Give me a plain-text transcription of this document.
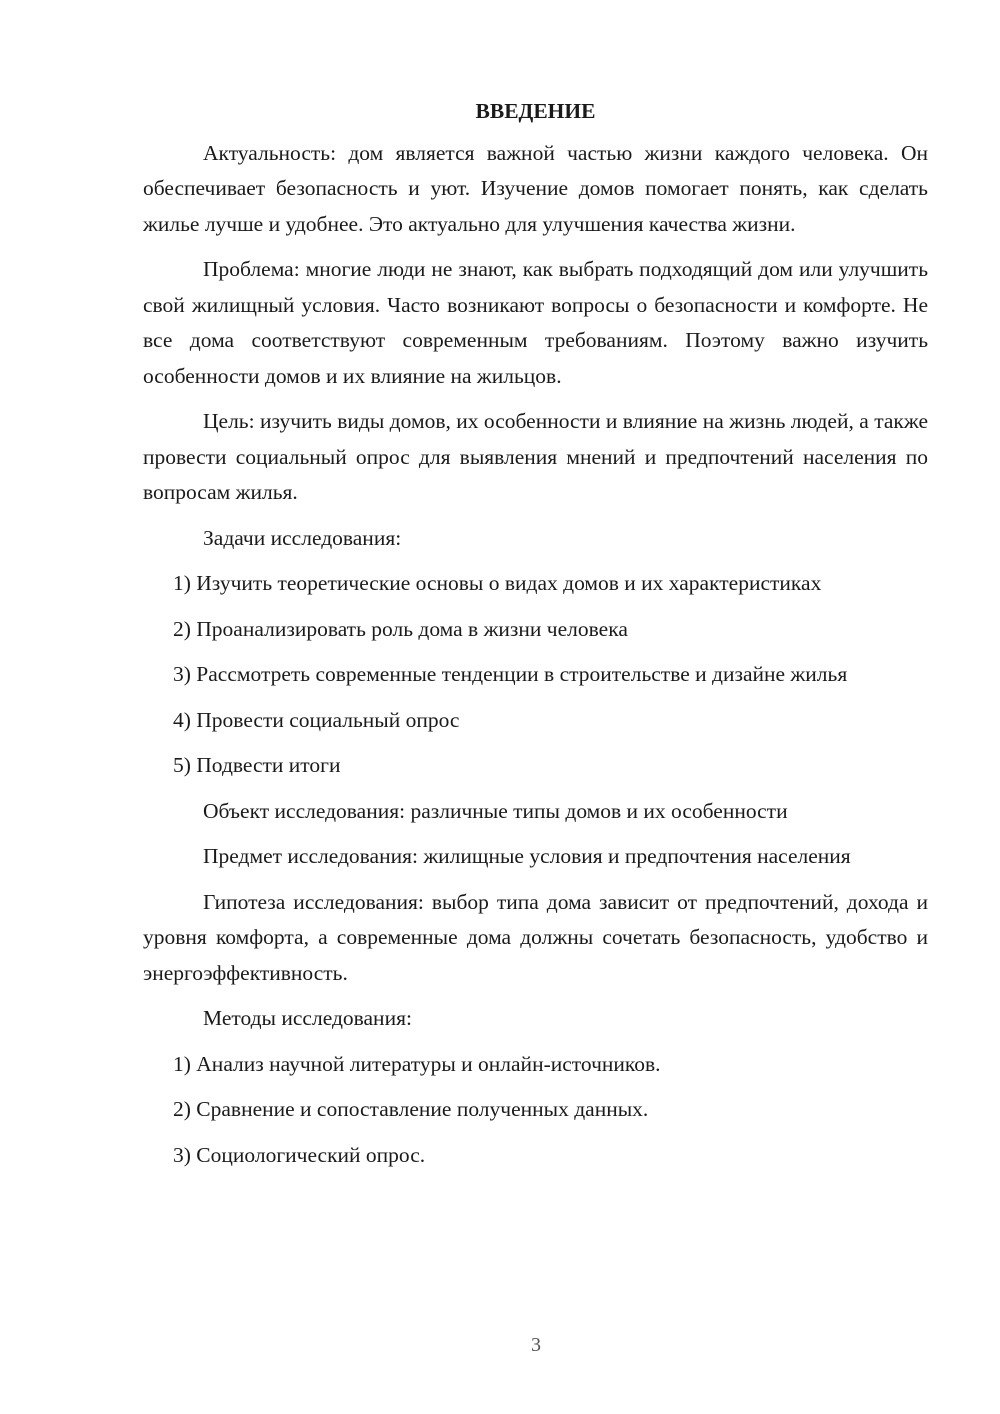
ВВЕДЕНИЕ
Актуальность: дом является важной частью жизни каждого человека. Он обеспечивает безопасность и уют. Изучение домов помогает понять, как сделать жилье лучше и удобнее. Это актуально для улучшения качества жизни.
Проблема: многие люди не знают, как выбрать подходящий дом или улучшить свой жилищный условия. Часто возникают вопросы о безопасности и комфорте. Не все дома соответствуют современным требованиям. Поэтому важно изучить особенности домов и их влияние на жильцов.
Цель: изучить виды домов, их особенности и влияние на жизнь людей, а также провести социальный опрос для выявления мнений и предпочтений населения по вопросам жилья.
Задачи исследования:
1) Изучить теоретические основы о видах домов и их характеристиках
2) Проанализировать роль дома в жизни человека
3) Рассмотреть современные тенденции в строительстве и дизайне жилья
4) Провести социальный опрос
5) Подвести итоги
Объект исследования: различные типы домов и их особенности
Предмет исследования: жилищные условия и предпочтения населения
Гипотеза исследования: выбор типа дома зависит от предпочтений, дохода и уровня комфорта, а современные дома должны сочетать безопасность, удобство и энергоэффективность.
Методы исследования:
1) Анализ научной литературы и онлайн-источников.
2) Сравнение и сопоставление полученных данных.
3) Социологический опрос.
3
